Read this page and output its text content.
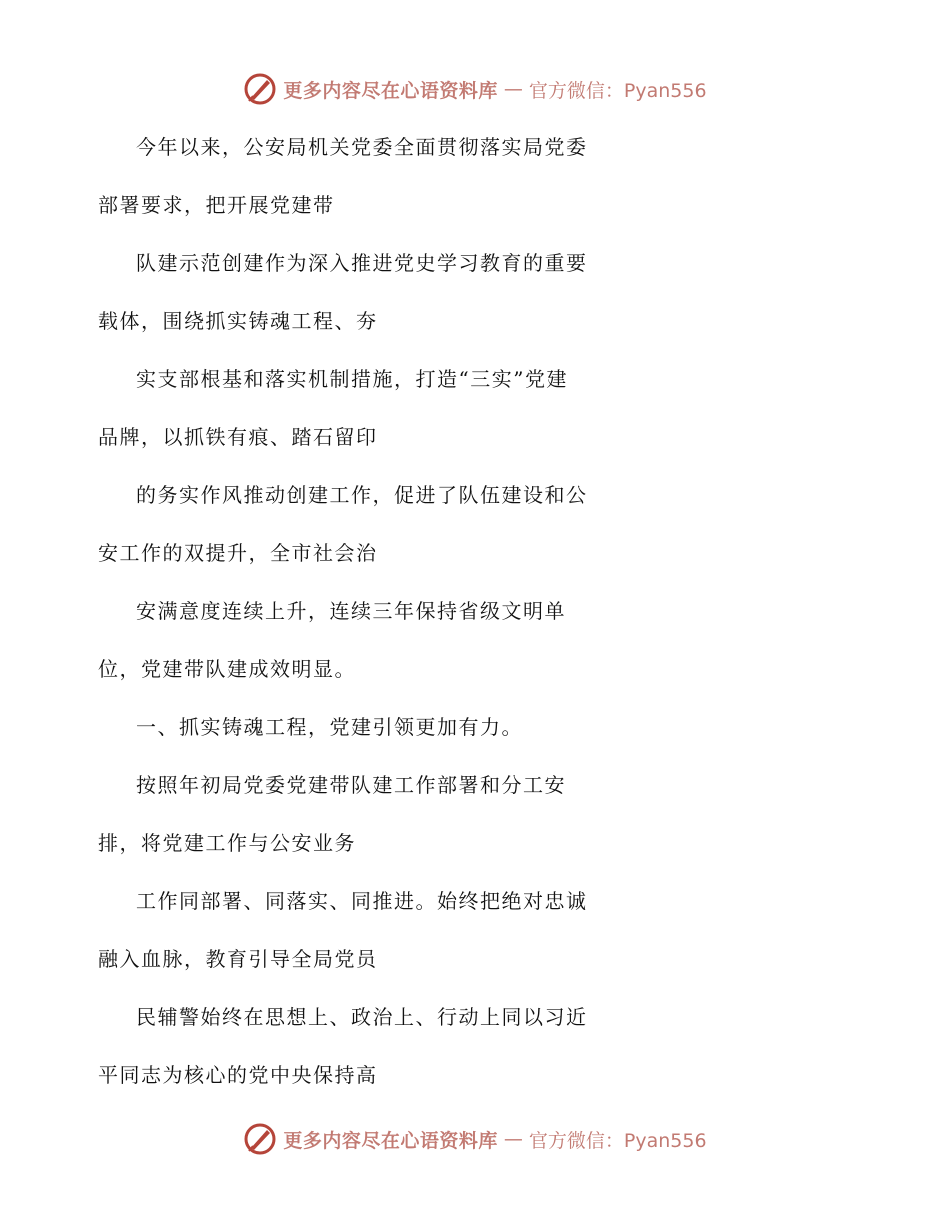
更多内容尽在心语资料库 — 官方微信：Pyan556
今年以来，公安局机关党委全面贯彻落实局党委
部署要求，把开展党建带
队建示范创建作为深入推进党史学习教育的重要
载体，围绕抓实铸魂工程、夯
实支部根基和落实机制措施，打造“三实”党建
品牌，以抓铁有痕、踏石留印
的务实作风推动创建工作，促进了队伍建设和公
安工作的双提升，全市社会治
安满意度连续上升，连续三年保持省级文明单
位，党建带队建成效明显。
一、抓实铸魂工程，党建引领更加有力。
按照年初局党委党建带队建工作部署和分工安
排，将党建工作与公安业务
工作同部署、同落实、同推进。始终把绝对忠诚
融入血脉，教育引导全局党员
民辅警始终在思想上、政治上、行动上同以习近
平同志为核心的党中央保持高
更多内容尽在心语资料库 — 官方微信：Pyan556
